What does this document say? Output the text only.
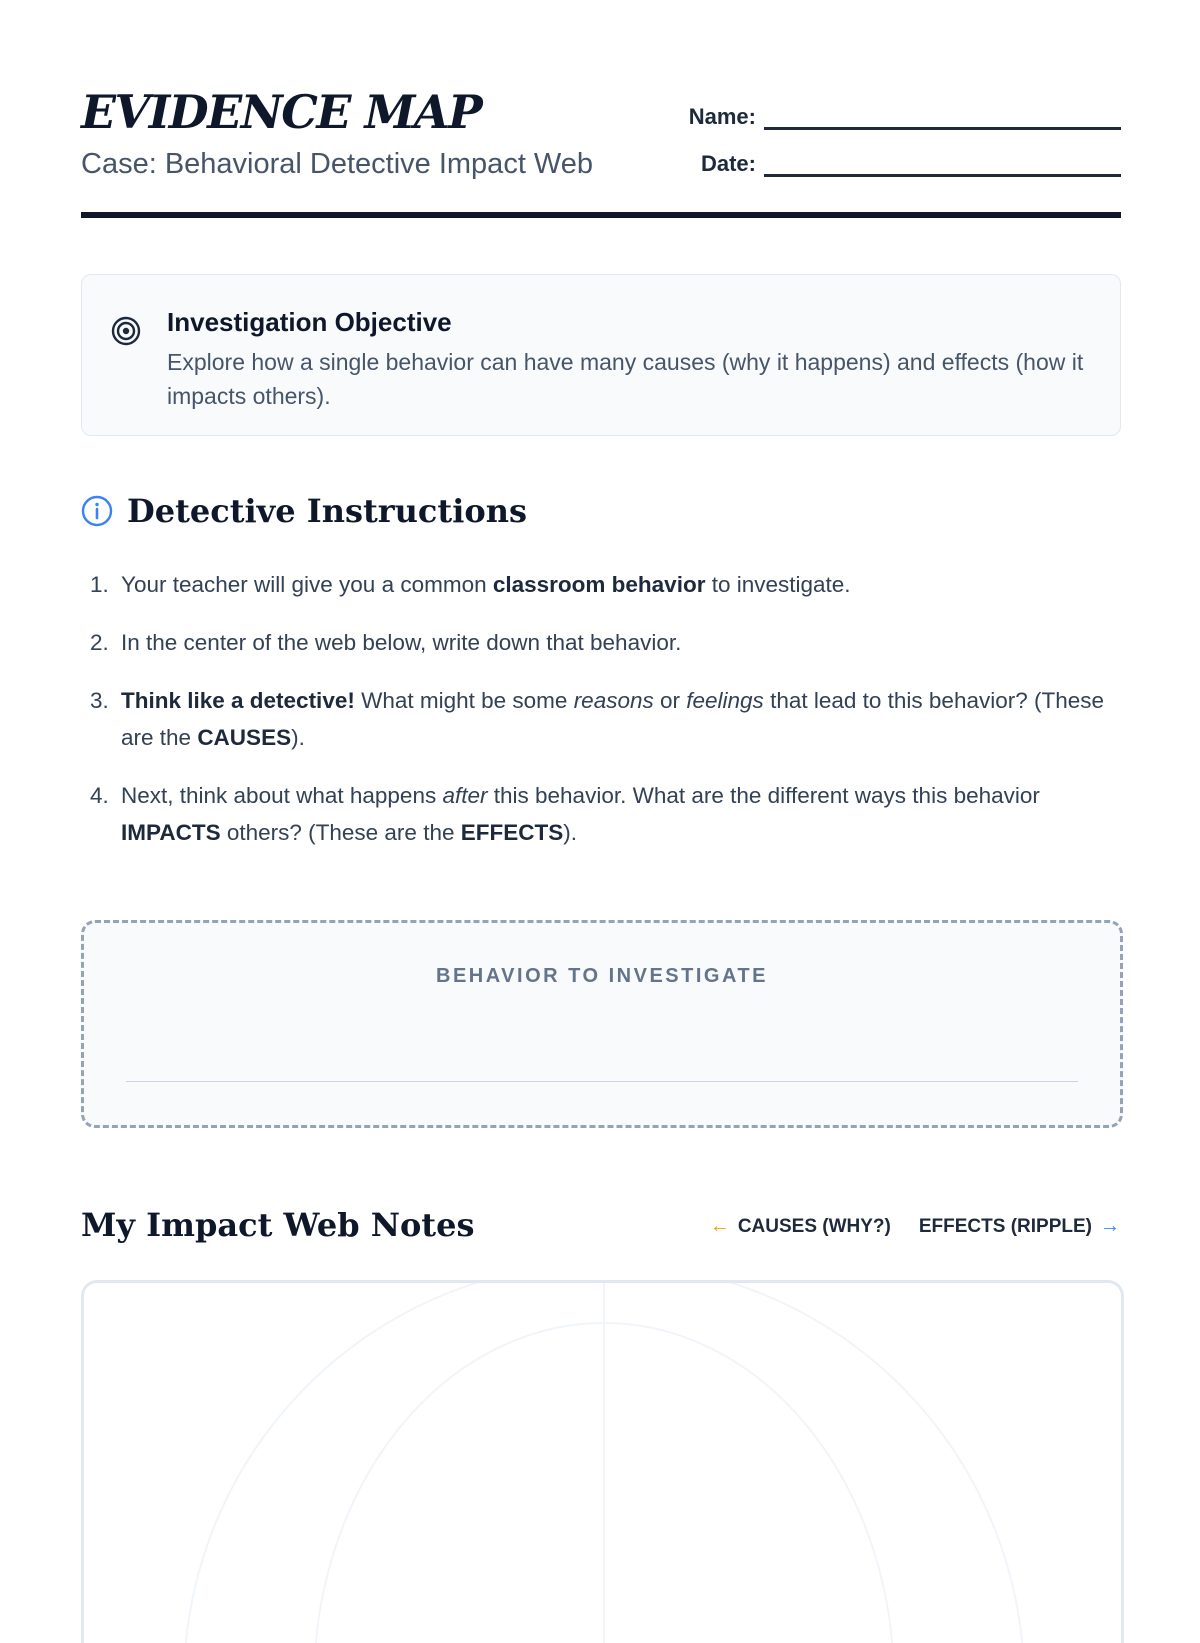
EVIDENCE MAP
Case: Behavioral Detective Impact Web
Name:
Date:
Investigation Objective
Explore how a single behavior can have many causes (why it happens) and effects (how it impacts others).
Detective Instructions
1. Your teacher will give you a common classroom behavior to investigate.
2. In the center of the web below, write down that behavior.
3. Think like a detective! What might be some reasons or feelings that lead to this behavior? (These are the CAUSES).
4. Next, think about what happens after this behavior. What are the different ways this behavior IMPACTS others? (These are the EFFECTS).
BEHAVIOR TO INVESTIGATE
My Impact Web Notes	← CAUSES (WHY?) EFFECTS (RIPPLE) →
